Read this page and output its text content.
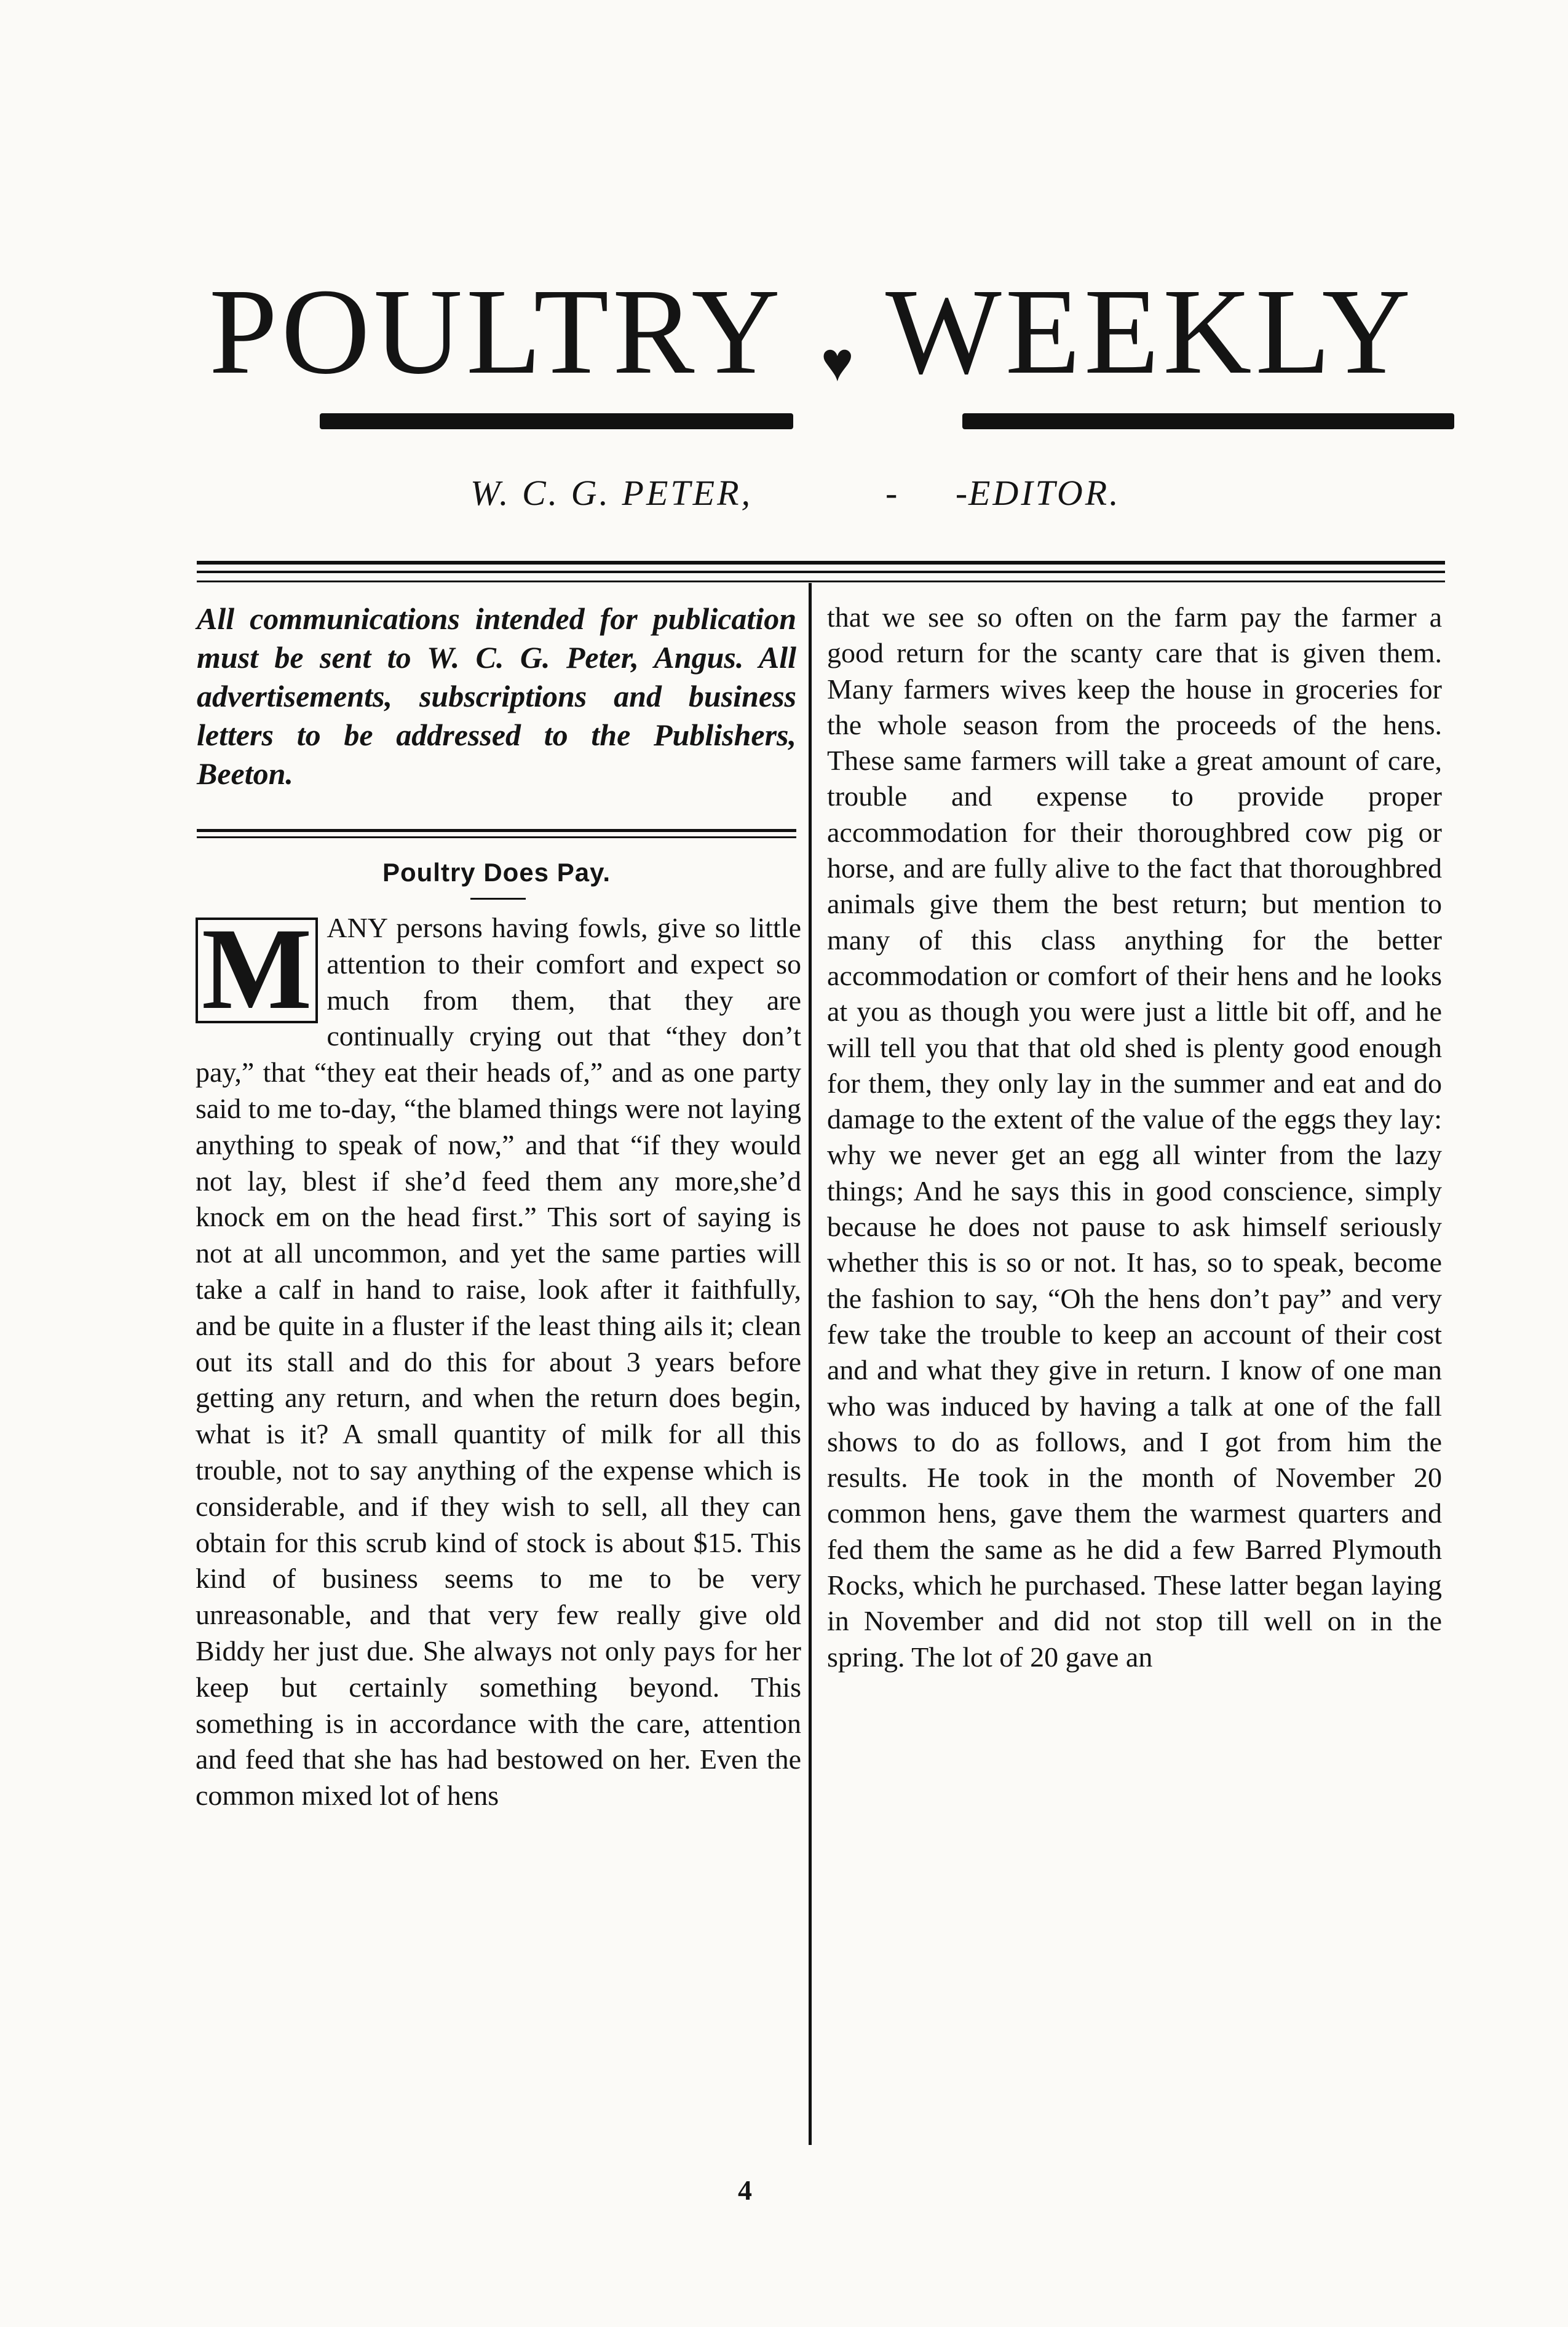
POULTRY ♥ WEEKLY
W. C. G. PETER,	- -
EDITOR.
All communications intended for publication must be sent to W. C. G. Peter, Angus. All advertisements, subscriptions and business letters to be addressed to the Publishers, Beeton.
Poultry Does Pay.
M ANY persons having fowls, give so little attention to their comfort and expect so much from them, that they are continually crying out that “they don’t pay,” that “they eat their heads of,” and as one party said to me to-day, “the blamed things were not laying anything to speak of now,” and that “if they would not lay, blest if she’d feed them any more,she’d knock em on the head first.” This sort of saying is not at all uncommon, and yet the same parties will take a calf in hand to raise, look after it faithfully, and be quite in a fluster if the least thing ails it; clean out its stall and do this for about 3 years before getting any return, and when the return does begin, what is it? A small quantity of milk for all this trouble, not to say anything of the expense which is considerable, and if they wish to sell, all they can obtain for this scrub kind of stock is about $15. This kind of business seems to me to be very unreasonable, and that very few really give old Biddy her just due. She always not only pays for her keep but certainly something beyond. This something is in accordance with the care, attention and feed that she has had bestowed on her. Even the common mixed lot of hens
that we see so often on the farm pay the farmer a good return for the scanty care that is given them. Many farmers wives keep the house in groceries for the whole season from the proceeds of the hens. These same farmers will take a great amount of care, trouble and expense to provide proper accommodation for their thoroughbred cow pig or horse, and are fully alive to the fact that thoroughbred animals give them the best return; but mention to many of this class anything for the better accommodation or comfort of their hens and he looks at you as though you were just a little bit off, and he will tell you that that old shed is plenty good enough for them, they only lay in the summer and eat and do damage to the extent of the value of the eggs they lay: why we never get an egg all winter from the lazy things; And he says this in good conscience, simply because he does not pause to ask himself seriously whether this is so or not. It has, so to speak, become the fashion to say, “Oh the hens don’t pay” and very few take the trouble to keep an account of their cost and and what they give in return. I know of one man who was induced by having a talk at one of the fall shows to do as follows, and I got from him the results. He took in the month of November 20 common hens, gave them the warmest quarters and fed them the same as he did a few Barred Plymouth Rocks, which he purchased. These latter began laying in November and did not stop till well on in the spring. The lot of 20 gave an
4
